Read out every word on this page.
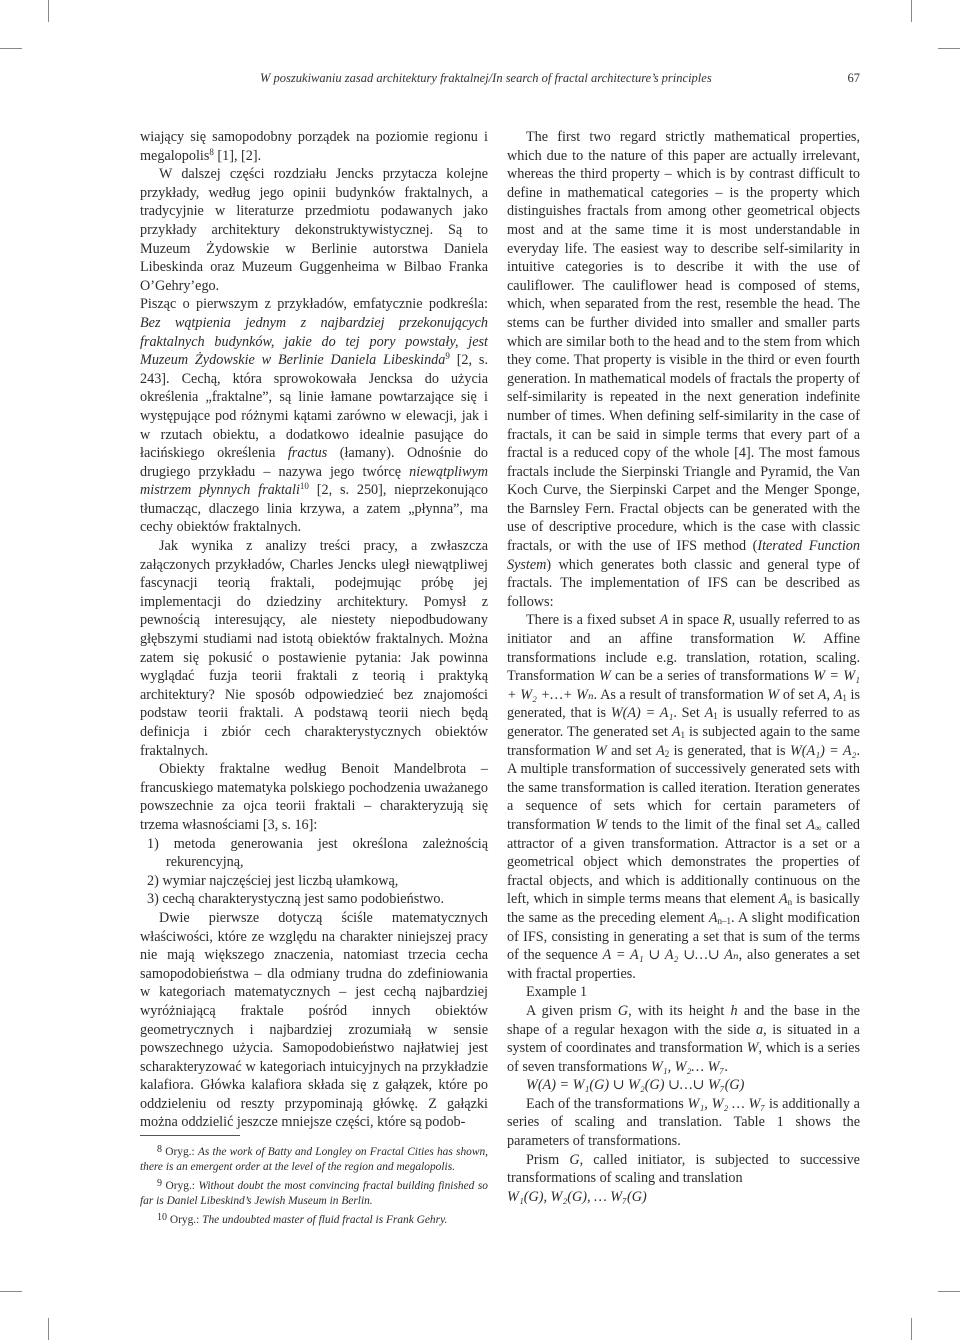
W poszukiwaniu zasad architektury fraktalnej/In search of fractal architecture’s principles	67

wiający się samopodobny porządek na poziomie regionu i megalopolis$^8$ [1], [2].

W dalszej części rozdziału Jencks przytacza kolejne przykłady, według jego opinii budynków fraktalnych, a tradycyjnie w literaturze przedmiotu podawanych jako przykłady architektury dekonstruktywistycznej. Są to Muzeum Żydowskie w Berlinie autorstwa Daniela Libeskinda oraz Muzeum Guggenheima w Bilbao Franka O’Gehry’ego.

Pisząc o pierwszym z przykładów, emfatycznie podkreśla: Bez wątpienia jednym z najbardziej przekonujących fraktalnych budynków, jakie do tej pory powstały, jest Muzeum Żydowskie w Berlinie Daniela Libeskinda$^9$ [2, s. 243]. Cechą, która sprowokowała Jencksa do użycia określenia „fraktalne”, są linie łamane powtarzające się i występujące pod różnymi kątami zarówno w elewacji, jak i w rzutach obiektu, a dodatkowo idealnie pasujące do łacińskiego określenia fractus (łamany). Odnośnie do drugiego przykładu – nazywa jego twórcę niewątpliwym mistrzem płynnych fraktali$^{10}$ [2, s. 250], nieprzekonująco tłumacząc, dlaczego linia krzywa, a zatem „płynna”, ma cechy obiektów fraktalnych.

Jak wynika z analizy treści pracy, a zwłaszcza załączonych przykładów, Charles Jencks uległ niewątpliwej fascynacji teorią fraktali, podejmując próbę jej implementacji do dziedziny architektury. Pomysł z pewnością interesujący, ale niestety niepodbudowany głębszymi studiami nad istotą obiektów fraktalnych. Można zatem się pokusić o postawienie pytania: Jak powinna wyglądać fuzja teorii fraktali z teorią i praktyką architektury? Nie sposób odpowiedzieć bez znajomości podstaw teorii fraktali. A podstawą teorii niech będą definicja i zbiór cech charakterystycznych obiektów fraktalnych.

Obiekty fraktalne według Benoit Mandelbrota – francuskiego matematyka polskiego pochodzenia uważanego powszechnie za ojca teorii fraktali – charakteryzują się trzema własnościami [3, s. 16]:

1) metoda generowania jest określona zależnością rekurencyjną,

2) wymiar najczęściej jest liczbą ułamkową,

3) cechą charakterystyczną jest samo podobieństwo.

Dwie pierwsze dotyczą ściśle matematycznych właściwości, które ze względu na charakter niniejszej pracy nie mają większego znaczenia, natomiast trzecia cecha samopodobieństwa – dla odmiany trudna do zdefiniowania w kategoriach matematycznych – jest cechą najbardziej wyróżniającą fraktale pośród innych obiektów geometrycznych i najbardziej zrozumiałą w sensie powszechnego użycia. Samopodobieństwo najłatwiej jest scharakteryzować w kategoriach intuicyjnych na przykładzie kalafiora. Główka kalafiora składa się z gałązek, które po oddzieleniu od reszty przypominają główkę. Z gałązki można oddzielić jeszcze mniejsze części, które są podob-

8 Oryg.: As the work of Batty and Longley on Fractal Cities has shown, there is an emergent order at the level of the region and megalopolis.

9 Oryg.: Without doubt the most convincing fractal building finished so far is Daniel Libeskind’s Jewish Museum in Berlin.

10 Oryg.: The undoubted master of fluid fractal is Frank Gehry.

The first two regard strictly mathematical properties, which due to the nature of this paper are actually irrelevant, whereas the third property – which is by contrast difficult to define in mathematical categories – is the property which distinguishes fractals from among other geometrical objects most and at the same time it is most understandable in everyday life. The easiest way to describe self-similarity in intuitive categories is to describe it with the use of cauliflower. The cauliflower head is composed of stems, which, when separated from the rest, resemble the head. The stems can be further divided into smaller and smaller parts which are similar both to the head and to the stem from which they come. That property is visible in the third or even fourth generation. In mathematical models of fractals the property of self-similarity is repeated in the next generation indefinite number of times. When defining self-similarity in the case of fractals, it can be said in simple terms that every part of a fractal is a reduced copy of the whole [4]. The most famous fractals include the Sierpinski Triangle and Pyramid, the Van Koch Curve, the Sierpinski Carpet and the Menger Sponge, the Barnsley Fern. Fractal objects can be generated with the use of descriptive procedure, which is the case with classic fractals, or with the use of IFS method (Iterated Function System) which generates both classic and general type of fractals. The implementation of IFS can be described as follows:

There is a fixed subset A in space R, usually referred to as initiator and an affine transformation W. Affine transformations include e.g. translation, rotation, scaling. Transformation W can be a series of transformations W = W₁ + W₂ +…+ Wₙ. As a result of transformation W of set A, $A_1$ is generated, that is W(A) = A₁. Set $A_1$ is usually referred to as generator. The generated set $A_1$ is subjected again to the same transformation W and set $A_2$ is generated, that is W(A₁) = A₂. A multiple transformation of successively generated sets with the same transformation is called iteration. Iteration generates a sequence of sets which for certain parameters of transformation W tends to the limit of the final set $A_\infty$ called attractor of a given transformation. Attractor is a set or a geometrical object which demonstrates the properties of fractal objects, and which is additionally continuous on the left, which in simple terms means that element $A_n$ is basically the same as the preceding element $A_{n-1}$. A slight modification of IFS, consisting in generating a set that is sum of the terms of the sequence A = A₁ ∪ A₂ ∪…∪ Aₙ, also generates a set with fractal properties.

Example 1

A given prism G, with its height h and the base in the shape of a regular hexagon with the side a, is situated in a system of coordinates and transformation W, which is a series of seven transformations W₁, W₂… W₇.

W(A) = W₁(G) ∪ W₂(G) ∪…∪ W₇(G)

Each of the transformations W₁, W₂ … W₇ is additionally a series of scaling and translation. Table 1 shows the parameters of transformations.

Prism G, called initiator, is subjected to successive transformations of scaling and translation

W₁(G), W₂(G), … W₇(G)
